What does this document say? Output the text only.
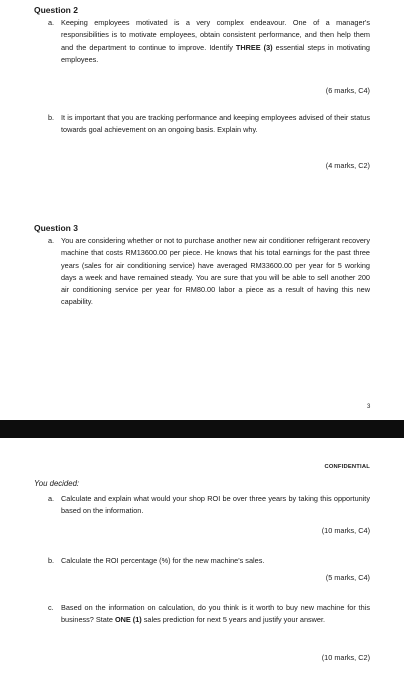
Question 2
a. Keeping employees motivated is a very complex endeavour. One of a manager's responsibilities is to motivate employees, obtain consistent performance, and then help them and the department to continue to improve. Identify THREE (3) essential steps in motivating employees.
(6 marks, C4)
b. It is important that you are tracking performance and keeping employees advised of their status towards goal achievement on an ongoing basis. Explain why.
(4 marks, C2)
Question 3
a. You are considering whether or not to purchase another new air conditioner refrigerant recovery machine that costs RM13600.00 per piece. He knows that his total earnings for the past three years (sales for air conditioning service) have averaged RM33600.00 per year for 5 working days a week and have remained steady. You are sure that you will be able to sell another 200 air conditioning service per year for RM80.00 labor a piece as a result of having this new capability.
3
CONFIDENTIAL
You decided:
a. Calculate and explain what would your shop ROI be over three years by taking this opportunity based on the information.
(10 marks, C4)
b. Calculate the ROI percentage (%) for the new machine's sales.
(5 marks, C4)
c. Based on the information on calculation, do you think is it worth to buy new machine for this business? State ONE (1) sales prediction for next 5 years and justify your answer.
(10 marks, C2)
